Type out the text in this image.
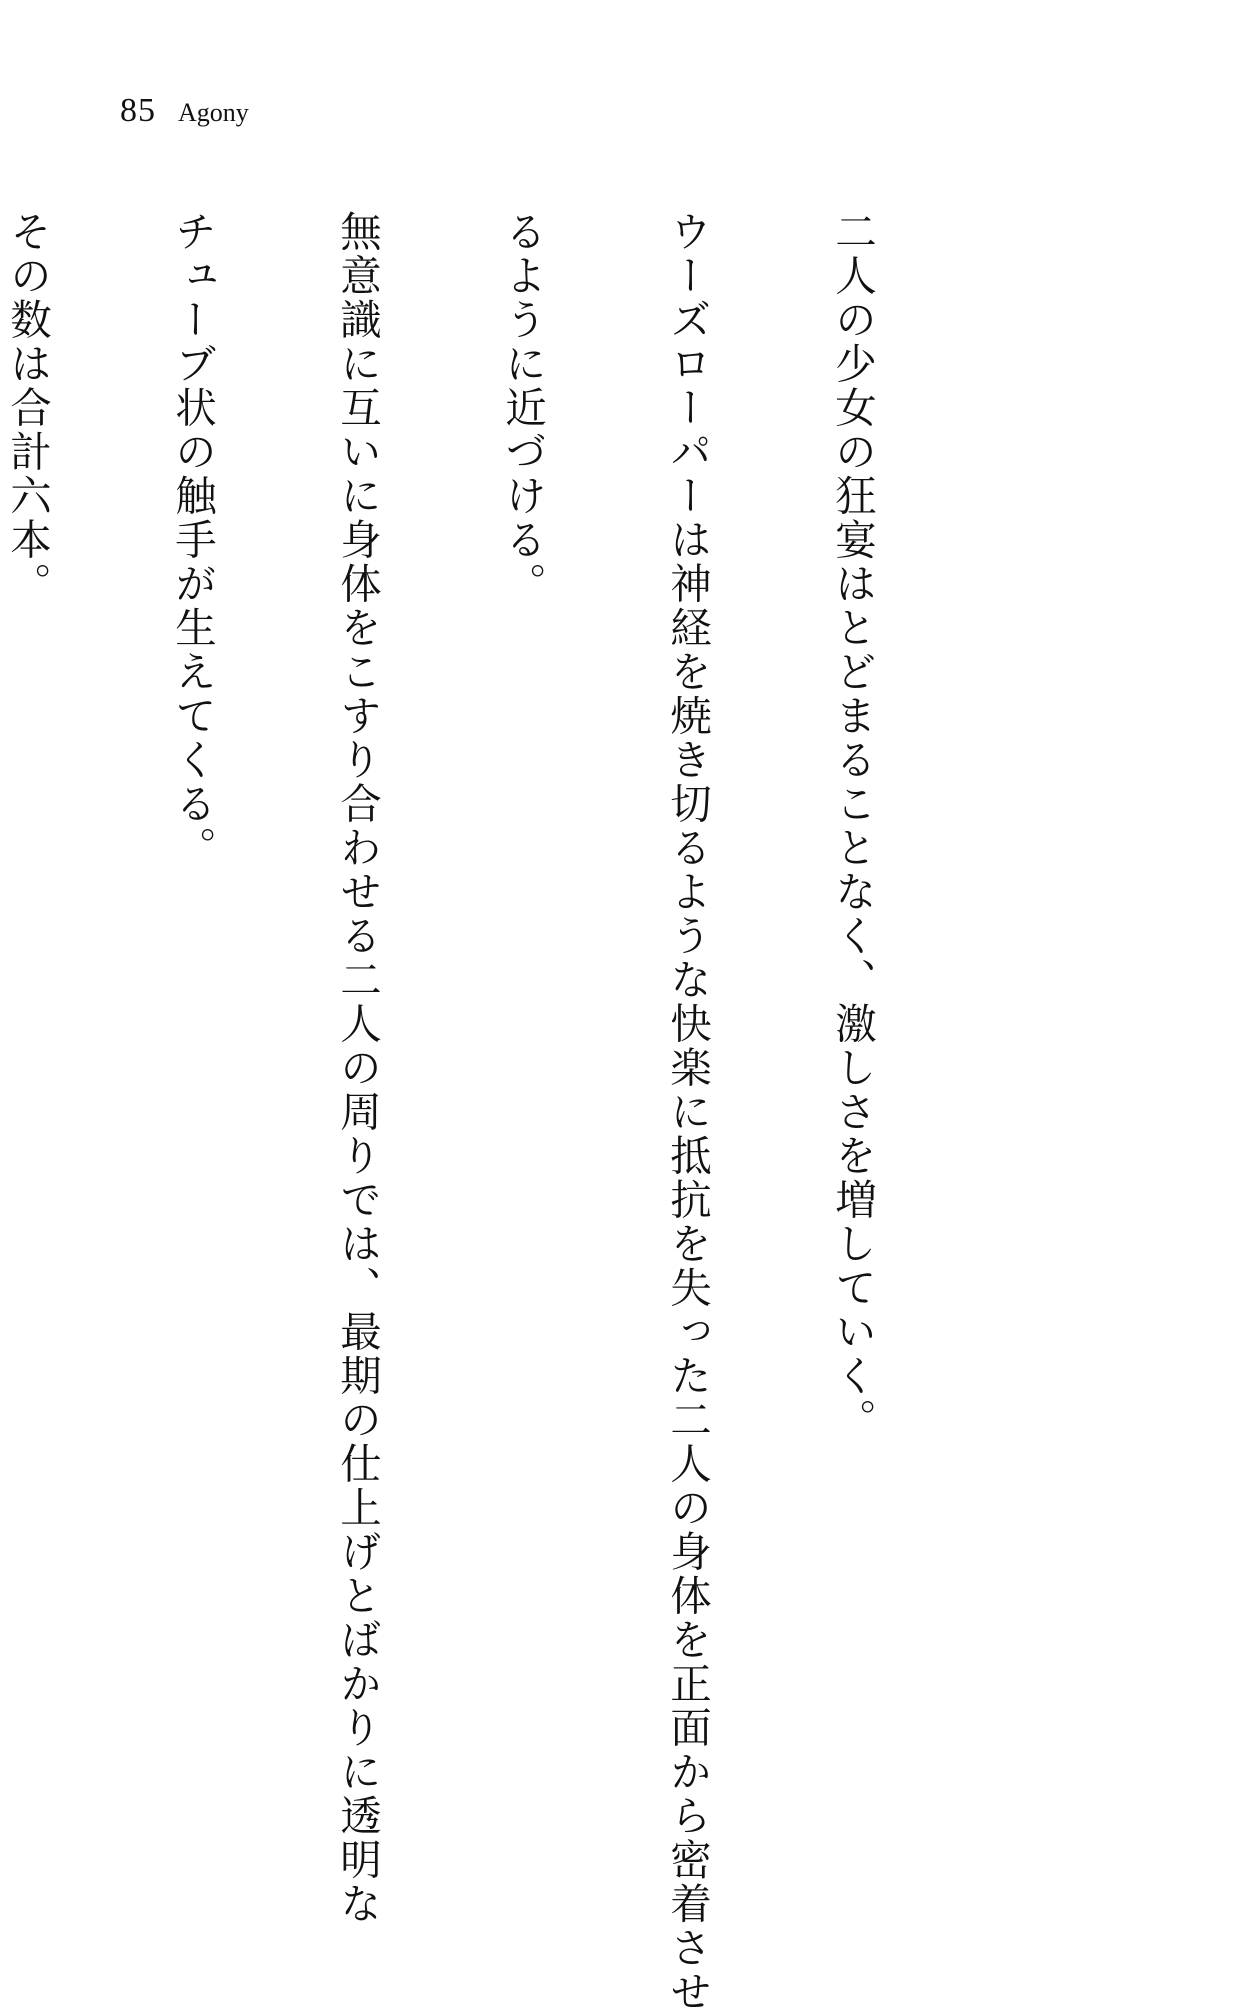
85 Agony

二人の少女の狂宴はとどまることなく、激しさを増していく。

ウーズローパーは神経を焼き切るような快楽に抵抗を失った二人の身体を正面から密着させ

るように近づける。

無意識に互いに身体をこすり合わせる二人の周りでは、最期の仕上げとばかりに透明な

チューブ状の触手が生えてくる。

その数は合計六本。
